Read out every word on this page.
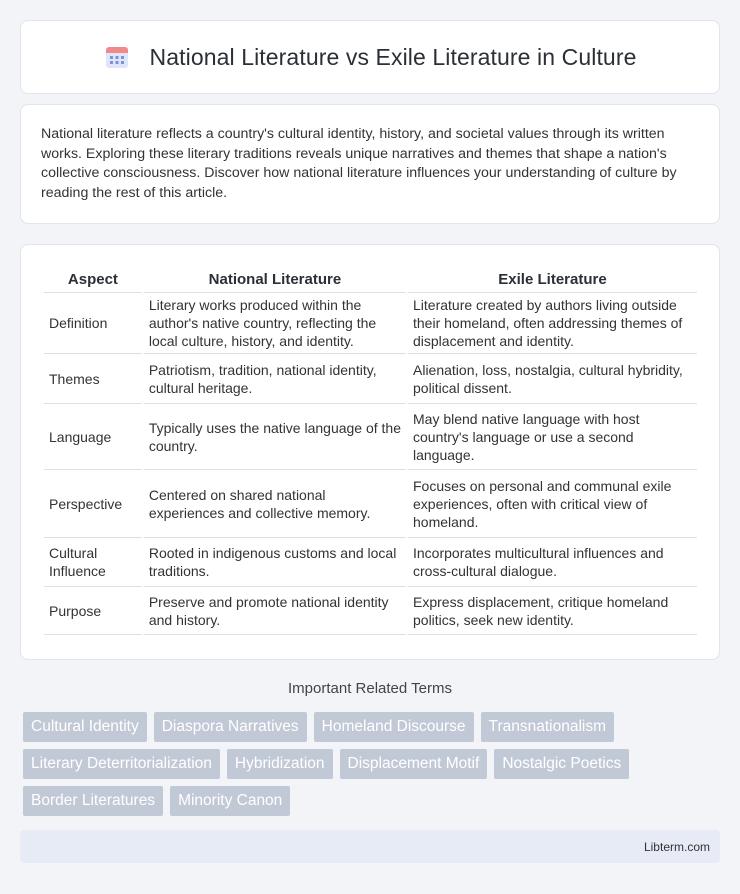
National Literature vs Exile Literature in Culture

National literature reflects a country's cultural identity, history, and societal values through its written works. Exploring these literary traditions reveals unique narratives and themes that shape a nation's collective consciousness. Discover how national literature influences your understanding of culture by reading the rest of this article.

Aspect	National Literature	Exile Literature
Definition	Literary works produced within the author's native country, reflecting the local culture, history, and identity.	Literature created by authors living outside their homeland, often addressing themes of displacement and identity.
Themes	Patriotism, tradition, national identity, cultural heritage.	Alienation, loss, nostalgia, cultural hybridity, political dissent.
Language	Typically uses the native language of the country.	May blend native language with host country's language or use a second language.
Perspective	Centered on shared national experiences and collective memory.	Focuses on personal and communal exile experiences, often with critical view of homeland.
Cultural Influence	Rooted in indigenous customs and local traditions.	Incorporates multicultural influences and cross-cultural dialogue.
Purpose	Preserve and promote national identity and history.	Express displacement, critique homeland politics, seek new identity.
Important Related Terms
Cultural Identity	Diaspora Narratives	Homeland Discourse	Transnationalism
Literary Deterritorialization	Hybridization	Displacement Motif	Nostalgic Poetics
Border Literatures	Minority Canon
Libterm.com
